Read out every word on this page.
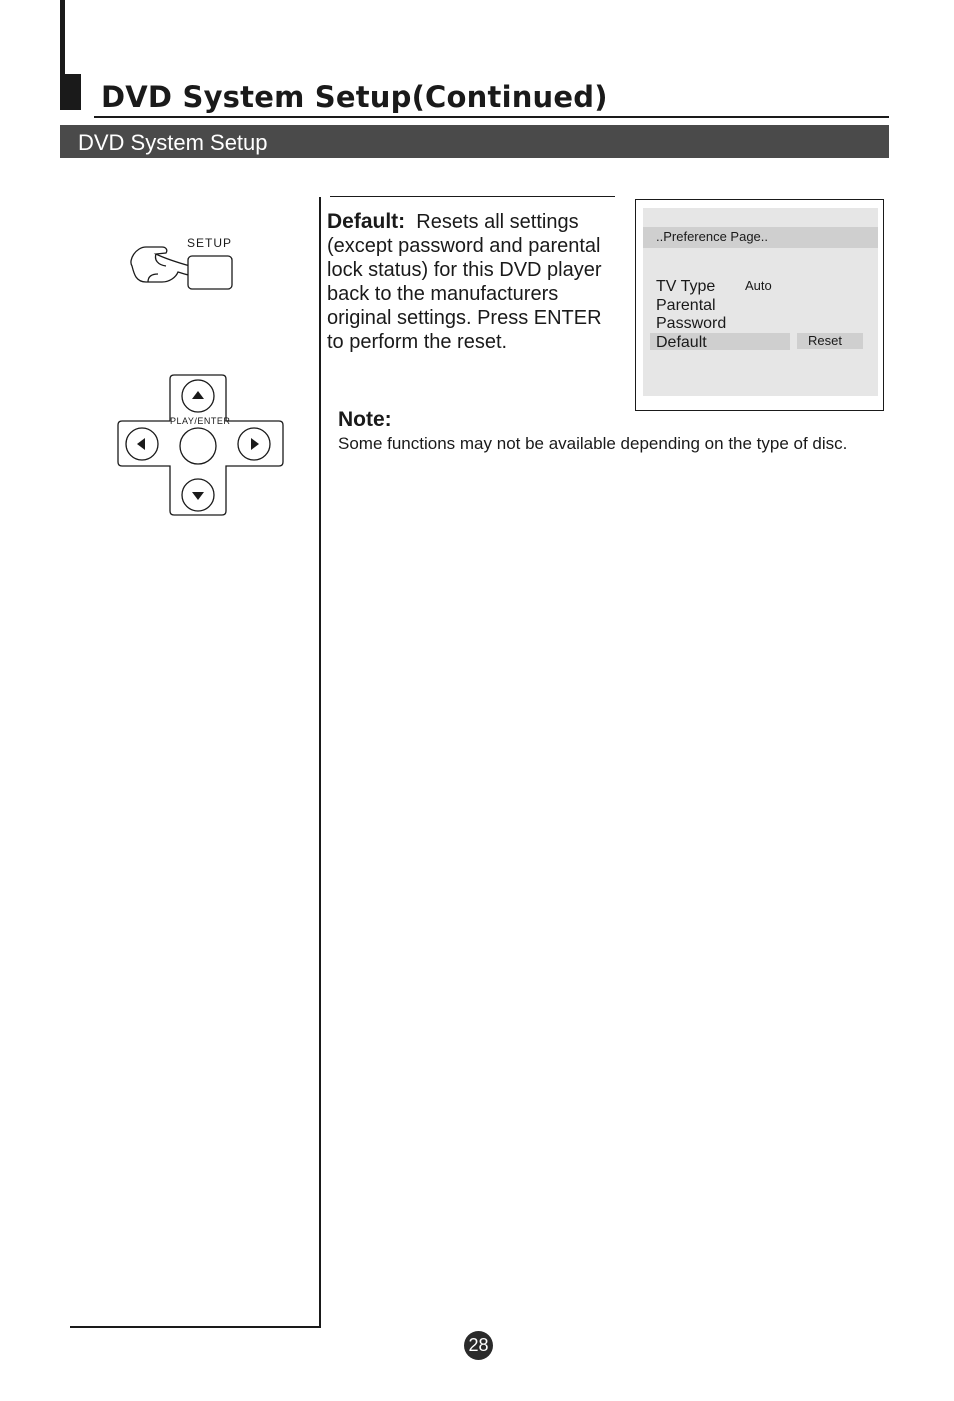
DVD System Setup(Continued)
DVD System Setup
SETUP
PLAY/ENTER
Default: Resets all settings (except password and parental lock status) for this DVD player back to the manufacturers original settings. Press ENTER to perform the reset.
..Preference Page..
TV Type
Parental
Password
Default
Auto
Reset
Note:
Some functions may not be available depending on the type of disc.
28
